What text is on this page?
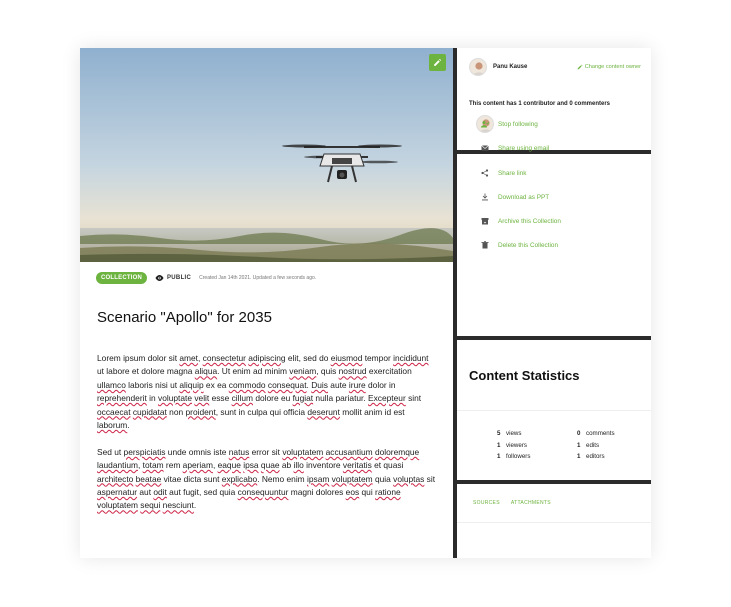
COLLECTION	PUBLIC Created Jan 14th 2021. Updated a few seconds ago.
Scenario "Apollo" for 2035

Lorem ipsum dolor sit amet, consectetur adipiscing elit, sed do eiusmod tempor incididunt ut labore et dolore magna aliqua. Ut enim ad minim veniam, quis nostrud exercitation ullamco laboris nisi ut aliquip ex ea commodo consequat. Duis aute irure dolor in reprehenderit in voluptate velit esse cillum dolore eu fugiat nulla pariatur. Excepteur sint occaecat cupidatat non proident, sunt in culpa qui officia deserunt mollit anim id est laborum.

Sed ut perspiciatis unde omnis iste natus error sit voluptatem accusantium doloremque laudantium, totam rem aperiam, eaque ipsa quae ab illo inventore veritatis et quasi architecto beatae vitae dicta sunt explicabo. Nemo enim ipsam voluptatem quia voluptas sit aspernatur aut odit aut fugit, sed quia consequuntur magni dolores eos qui ratione voluptatem sequi nesciunt.

Panu Kause	Change content owner
This content has 1 contributor and 0 commenters
Stop following
Share using email
Share link
Download as PPT
Archive this Collection
Delete this Collection
Content Statistics
5 views	0 comments
1 viewers	1 edits
1 followers	1 editors
SOURCES ATTACHMENTS
